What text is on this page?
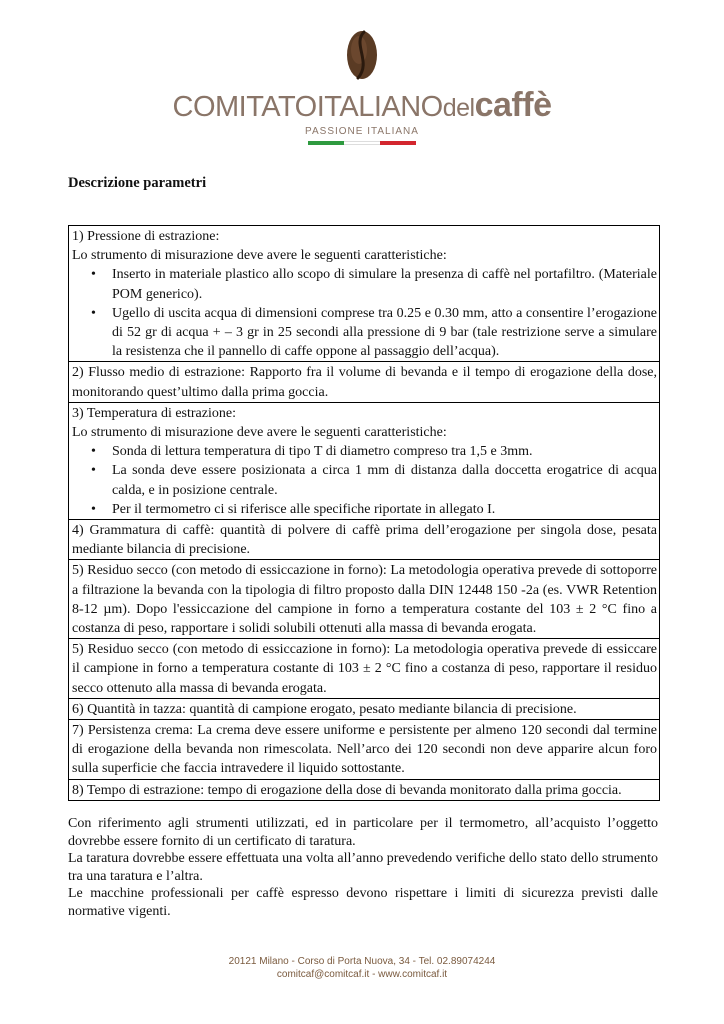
COMITATOITALIANOdelcaffè
PASSIONE ITALIANA
Descrizione parametri
1) Pressione di estrazione:
Lo strumento di misurazione deve avere le seguenti caratteristiche:
• Inserto in materiale plastico allo scopo di simulare la presenza di caffè nel portafiltro. (Materiale POM generico).
• Ugello di uscita acqua di dimensioni comprese tra 0.25 e 0.30 mm, atto a consentire l’erogazione di 52 gr di acqua + – 3 gr in 25 secondi alla pressione di 9 bar (tale restrizione serve a simulare la resistenza che il pannello di caffe oppone al passaggio dell’acqua).
2) Flusso medio di estrazione: Rapporto fra il volume di bevanda e il tempo di erogazione della dose, monitorando quest’ultimo dalla prima goccia.
3) Temperatura di estrazione:
Lo strumento di misurazione deve avere le seguenti caratteristiche:
• Sonda di lettura temperatura di tipo T di diametro compreso tra 1,5 e 3mm.
• La sonda deve essere posizionata a circa 1 mm di distanza dalla doccetta erogatrice di acqua calda, e in posizione centrale.
• Per il termometro ci si riferisce alle specifiche riportate in allegato I.
4) Grammatura di caffè: quantità di polvere di caffè prima dell’erogazione per singola dose, pesata mediante bilancia di precisione.
5) Residuo secco (con metodo di essiccazione in forno): La metodologia operativa prevede di sottoporre a filtrazione la bevanda con la tipologia di filtro proposto dalla DIN 12448 150 -2a (es. VWR Retention 8-12 µm). Dopo l'essiccazione del campione in forno a temperatura costante del 103 ± 2 °C fino a costanza di peso, rapportare i solidi solubili ottenuti alla massa di bevanda erogata.
5) Residuo secco (con metodo di essiccazione in forno): La metodologia operativa prevede di essiccare il campione in forno a temperatura costante di 103 ± 2 °C fino a costanza di peso, rapportare il residuo secco ottenuto alla massa di bevanda erogata.
6) Quantità in tazza: quantità di campione erogato, pesato mediante bilancia di precisione.
7) Persistenza crema: La crema deve essere uniforme e persistente per almeno 120 secondi dal termine di erogazione della bevanda non rimescolata. Nell’arco dei 120 secondi non deve apparire alcun foro sulla superficie che faccia intravedere il liquido sottostante.
8) Tempo di estrazione: tempo di erogazione della dose di bevanda monitorato dalla prima goccia.

Con riferimento agli strumenti utilizzati, ed in particolare per il termometro, all’acquisto l’oggetto dovrebbe essere fornito di un certificato di taratura.

La taratura dovrebbe essere effettuata una volta all’anno prevedendo verifiche dello stato dello strumento tra una taratura e l’altra.

Le macchine professionali per caffè espresso devono rispettare i limiti di sicurezza previsti dalle normative vigenti.

20121 Milano - Corso di Porta Nuova, 34 - Tel. 02.89074244
comitcaf@comitcaf.it - www.comitcaf.it
